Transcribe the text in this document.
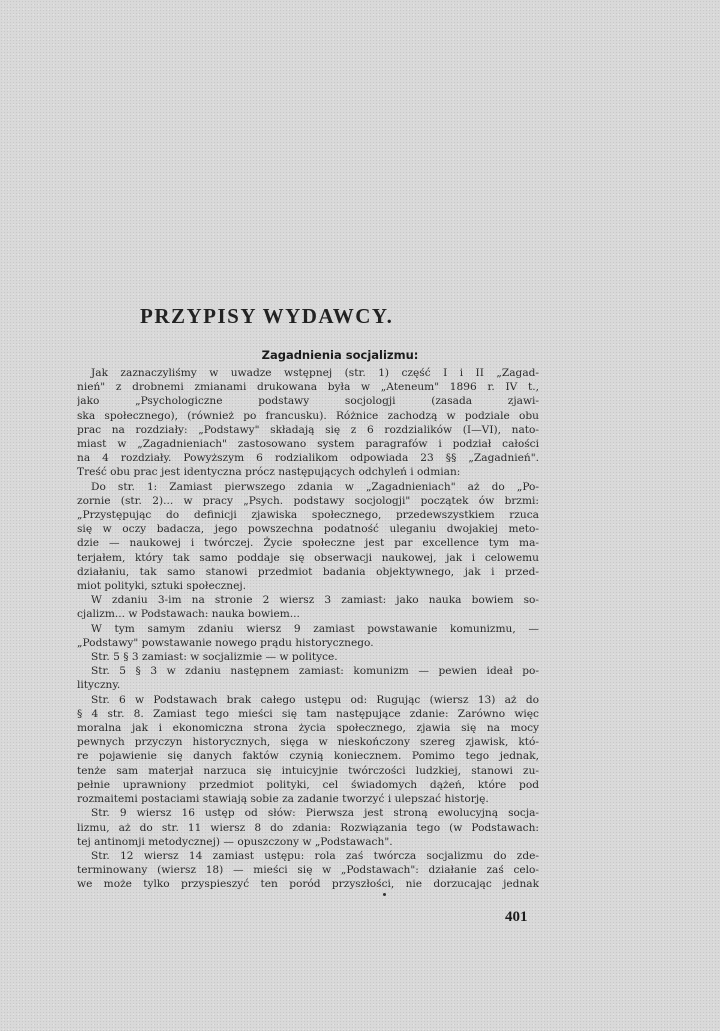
PRZYPISY WYDAWCY.
Zagadnienia socjalizmu:
Jak zaznaczyliśmy w uwadze wstępnej (str. 1) część I i II „Zagad-
nień" z drobnemi zmianami drukowana była w „Ateneum" 1896 r. IV t.,
jako „Psychologiczne podstawy socjologji (zasada zjawi-
ska społecznego), (również po francusku). Różnice zachodzą w podziale obu
prac na rozdziały: „Podstawy" składają się z 6 rozdzialików (I—VI), nato-
miast w „Zagadnieniach" zastosowano system paragrafów i podział całości
na 4 rozdziały. Powyższym 6 rodzialikom odpowiada 23 §§ „Zagadnień".
Treść obu prac jest identyczna prócz następujących odchyleń i odmian:
Do str. 1: Zamiast pierwszego zdania w „Zagadnieniach" aż do „Po-
zornie (str. 2)... w pracy „Psych. podstawy socjologji" początek ów brzmi:
„Przystępując do definicji zjawiska społecznego, przedewszystkiem rzuca
się w oczy badacza, jego powszechna podatność uleganiu dwojakiej meto-
dzie — naukowej i twórczej. Życie społeczne jest par excellence tym ma-
terjałem, który tak samo poddaje się obserwacji naukowej, jak i celowemu
działaniu, tak samo stanowi przedmiot badania objektywnego, jak i przed-
miot polityki, sztuki społecznej.
W zdaniu 3-im na stronie 2 wiersz 3 zamiast: jako nauka bowiem so-
cjalizm... w Podstawach: nauka bowiem...
W tym samym zdaniu wiersz 9 zamiast powstawanie komunizmu, —
„Podstawy" powstawanie nowego prądu historycznego.
Str. 5 § 3 zamiast: w socjalizmie — w polityce.
Str. 5 § 3 w zdaniu następnem zamiast: komunizm — pewien ideał po-
lityczny.
Str. 6 w Podstawach brak całego ustępu od: Rugując (wiersz 13) aż do
§ 4 str. 8. Zamiast tego mieści się tam następujące zdanie: Zarówno więc
moralna jak i ekonomiczna strona życia społecznego, zjawia się na mocy
pewnych przyczyn historycznych, sięga w nieskończony szereg zjawisk, któ-
re pojawienie się danych faktów czynią koniecznem. Pomimo tego jednak,
tenże sam materjał narzuca się intuicyjnie twórczości ludzkiej, stanowi zu-
pełnie uprawniony przedmiot polityki, cel świadomych dążeń, które pod
rozmaitemi postaciami stawiają sobie za zadanie tworzyć i ulepszać historję.
Str. 9 wiersz 16 ustęp od słów: Pierwsza jest stroną ewolucyjną socja-
lizmu, aż do str. 11 wiersz 8 do zdania: Rozwiązania tego (w Podstawach:
tej antinomji metodycznej) — opuszczony w „Podstawach".
Str. 12 wiersz 14 zamiast ustępu: rola zaś twórcza socjalizmu do zde-
terminowany (wiersz 18) — mieści się w „Podstawach": działanie zaś celo-
we może tylko przyspieszyć ten poród przyszłości, nie dorzucając jednak
401
